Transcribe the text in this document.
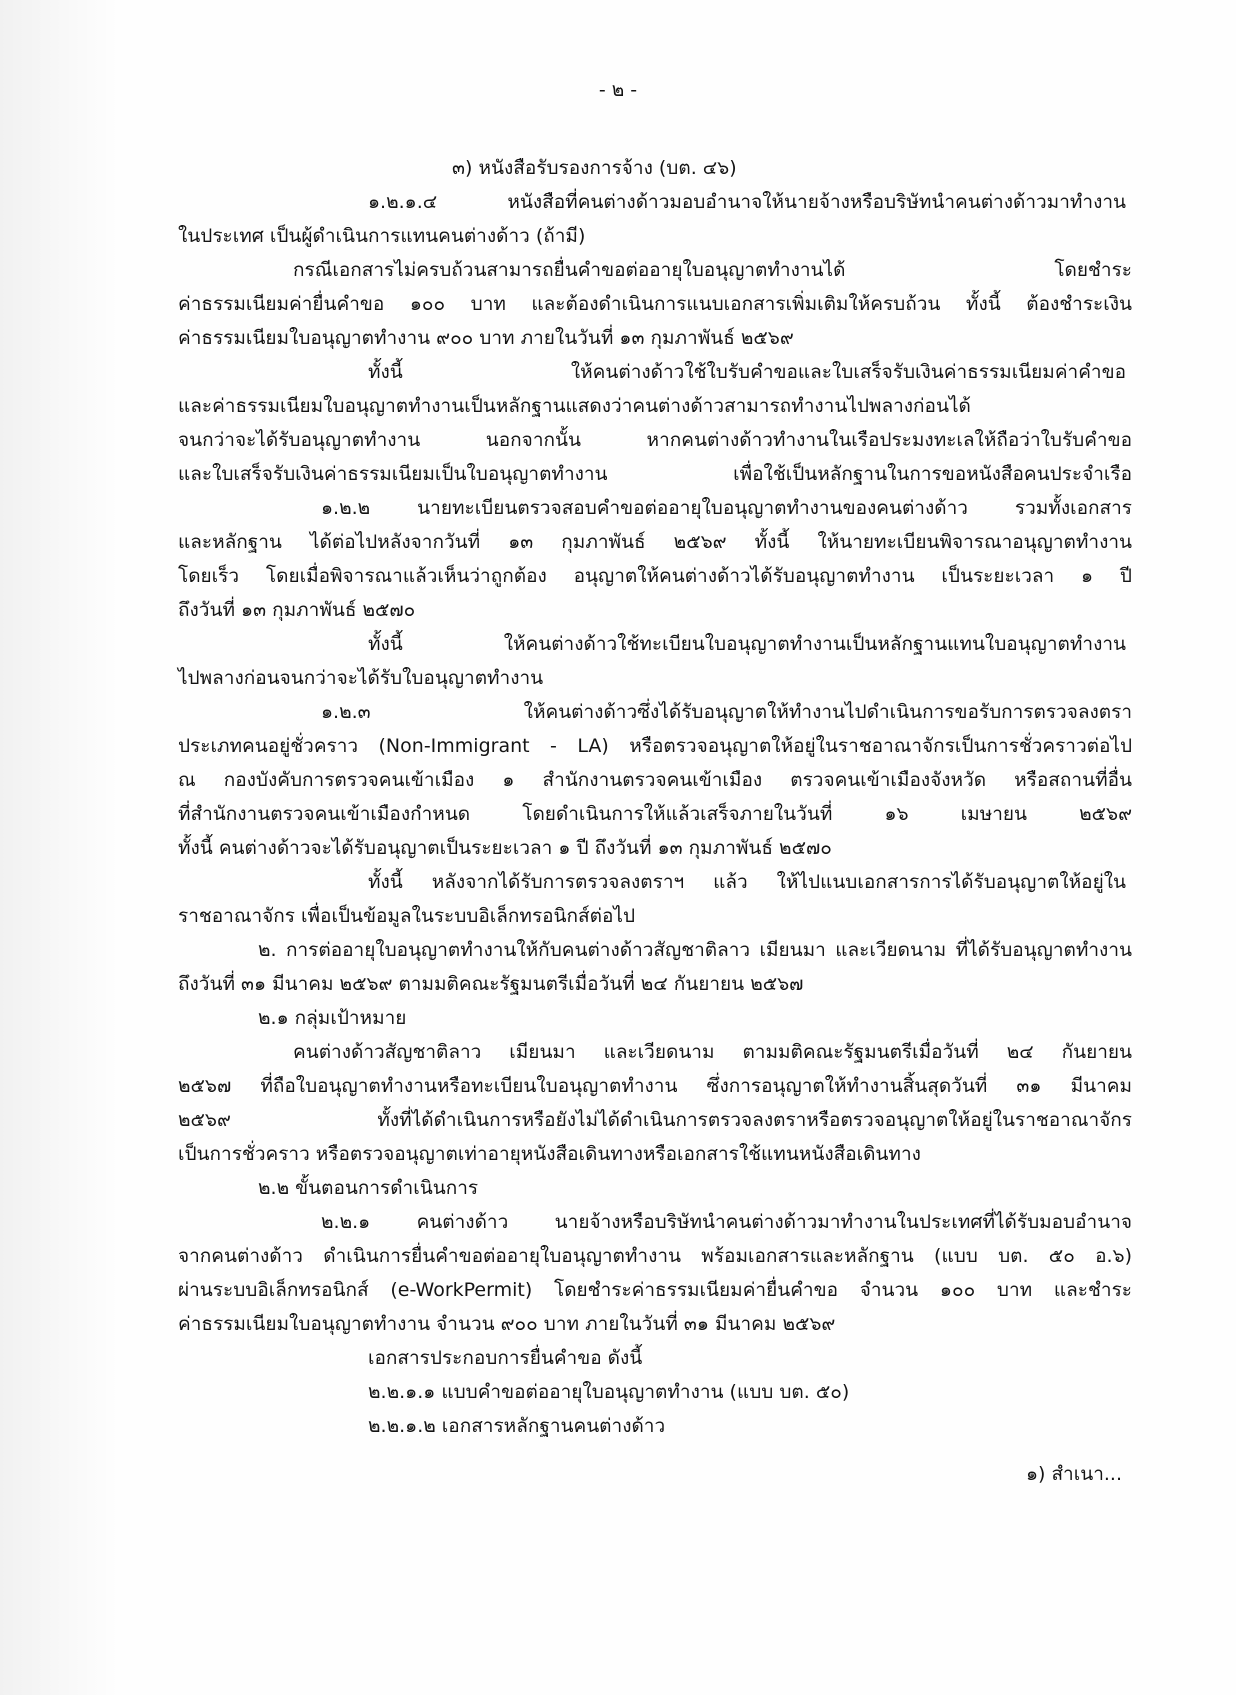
- ๒ -
๓) หนังสือรับรองการจ้าง (บต. ๔๖)
๑.๒.๑.๔ หนังสือที่คนต่างด้าวมอบอำนาจให้นายจ้างหรือบริษัทนำคนต่างด้าวมาทำงาน
ในประเทศ เป็นผู้ดำเนินการแทนคนต่างด้าว (ถ้ามี)
กรณีเอกสารไม่ครบถ้วนสามารถยื่นคำขอต่ออายุใบอนุญาตทำงานได้ โดยชำระ
ค่าธรรมเนียมค่ายื่นคำขอ ๑๐๐ บาท และต้องดำเนินการแนบเอกสารเพิ่มเติมให้ครบถ้วน ทั้งนี้ ต้องชำระเงิน
ค่าธรรมเนียมใบอนุญาตทำงาน ๙๐๐ บาท ภายในวันที่ ๑๓ กุมภาพันธ์ ๒๕๖๙
ทั้งนี้ ให้คนต่างด้าวใช้ใบรับคำขอและใบเสร็จรับเงินค่าธรรมเนียมค่าคำขอ
และค่าธรรมเนียมใบอนุญาตทำงานเป็นหลักฐานแสดงว่าคนต่างด้าวสามารถทำงานไปพลางก่อนได้
จนกว่าจะได้รับอนุญาตทำงาน นอกจากนั้น หากคนต่างด้าวทำงานในเรือประมงทะเลให้ถือว่าใบรับคำขอ
และใบเสร็จรับเงินค่าธรรมเนียมเป็นใบอนุญาตทำงาน เพื่อใช้เป็นหลักฐานในการขอหนังสือคนประจำเรือ
๑.๒.๒ นายทะเบียนตรวจสอบคำขอต่ออายุใบอนุญาตทำงานของคนต่างด้าว รวมทั้งเอกสาร
และหลักฐาน ได้ต่อไปหลังจากวันที่ ๑๓ กุมภาพันธ์ ๒๕๖๙ ทั้งนี้ ให้นายทะเบียนพิจารณาอนุญาตทำงาน
โดยเร็ว โดยเมื่อพิจารณาแล้วเห็นว่าถูกต้อง อนุญาตให้คนต่างด้าวได้รับอนุญาตทำงาน เป็นระยะเวลา ๑ ปี
ถึงวันที่ ๑๓ กุมภาพันธ์ ๒๕๗๐
ทั้งนี้ ให้คนต่างด้าวใช้ทะเบียนใบอนุญาตทำงานเป็นหลักฐานแทนใบอนุญาตทำงาน
ไปพลางก่อนจนกว่าจะได้รับใบอนุญาตทำงาน
๑.๒.๓ ให้คนต่างด้าวซึ่งได้รับอนุญาตให้ทำงานไปดำเนินการขอรับการตรวจลงตรา
ประเภทคนอยู่ชั่วคราว (Non-Immigrant - LA) หรือตรวจอนุญาตให้อยู่ในราชอาณาจักรเป็นการชั่วคราวต่อไป
ณ กองบังคับการตรวจคนเข้าเมือง ๑ สำนักงานตรวจคนเข้าเมือง ตรวจคนเข้าเมืองจังหวัด หรือสถานที่อื่น
ที่สำนักงานตรวจคนเข้าเมืองกำหนด โดยดำเนินการให้แล้วเสร็จภายในวันที่ ๑๖ เมษายน ๒๕๖๙
ทั้งนี้ คนต่างด้าวจะได้รับอนุญาตเป็นระยะเวลา ๑ ปี ถึงวันที่ ๑๓ กุมภาพันธ์ ๒๕๗๐
ทั้งนี้ หลังจากได้รับการตรวจลงตราฯ แล้ว ให้ไปแนบเอกสารการได้รับอนุญาตให้อยู่ใน
ราชอาณาจักร เพื่อเป็นข้อมูลในระบบอิเล็กทรอนิกส์ต่อไป
๒. การต่ออายุใบอนุญาตทำงานให้กับคนต่างด้าวสัญชาติลาว เมียนมา และเวียดนาม ที่ได้รับอนุญาตทำงาน
ถึงวันที่ ๓๑ มีนาคม ๒๕๖๙ ตามมติคณะรัฐมนตรีเมื่อวันที่ ๒๔ กันยายน ๒๕๖๗
๒.๑ กลุ่มเป้าหมาย
คนต่างด้าวสัญชาติลาว เมียนมา และเวียดนาม ตามมติคณะรัฐมนตรีเมื่อวันที่ ๒๔ กันยายน
๒๕๖๗ ที่ถือใบอนุญาตทำงานหรือทะเบียนใบอนุญาตทำงาน ซึ่งการอนุญาตให้ทำงานสิ้นสุดวันที่ ๓๑ มีนาคม
๒๕๖๙ ทั้งที่ได้ดำเนินการหรือยังไม่ได้ดำเนินการตรวจลงตราหรือตรวจอนุญาตให้อยู่ในราชอาณาจักร
เป็นการชั่วคราว หรือตรวจอนุญาตเท่าอายุหนังสือเดินทางหรือเอกสารใช้แทนหนังสือเดินทาง
๒.๒ ขั้นตอนการดำเนินการ
๒.๒.๑ คนต่างด้าว นายจ้างหรือบริษัทนำคนต่างด้าวมาทำงานในประเทศที่ได้รับมอบอำนาจ
จากคนต่างด้าว ดำเนินการยื่นคำขอต่ออายุใบอนุญาตทำงาน พร้อมเอกสารและหลักฐาน (แบบ บต. ๕๐ อ.๖)
ผ่านระบบอิเล็กทรอนิกส์ (e-WorkPermit) โดยชำระค่าธรรมเนียมค่ายื่นคำขอ จำนวน ๑๐๐ บาท และชำระ
ค่าธรรมเนียมใบอนุญาตทำงาน จำนวน ๙๐๐ บาท ภายในวันที่ ๓๑ มีนาคม ๒๕๖๙
เอกสารประกอบการยื่นคำขอ ดังนี้
๒.๒.๑.๑ แบบคำขอต่ออายุใบอนุญาตทำงาน (แบบ บต. ๕๐)
๒.๒.๑.๒ เอกสารหลักฐานคนต่างด้าว
๑) สำเนา...
